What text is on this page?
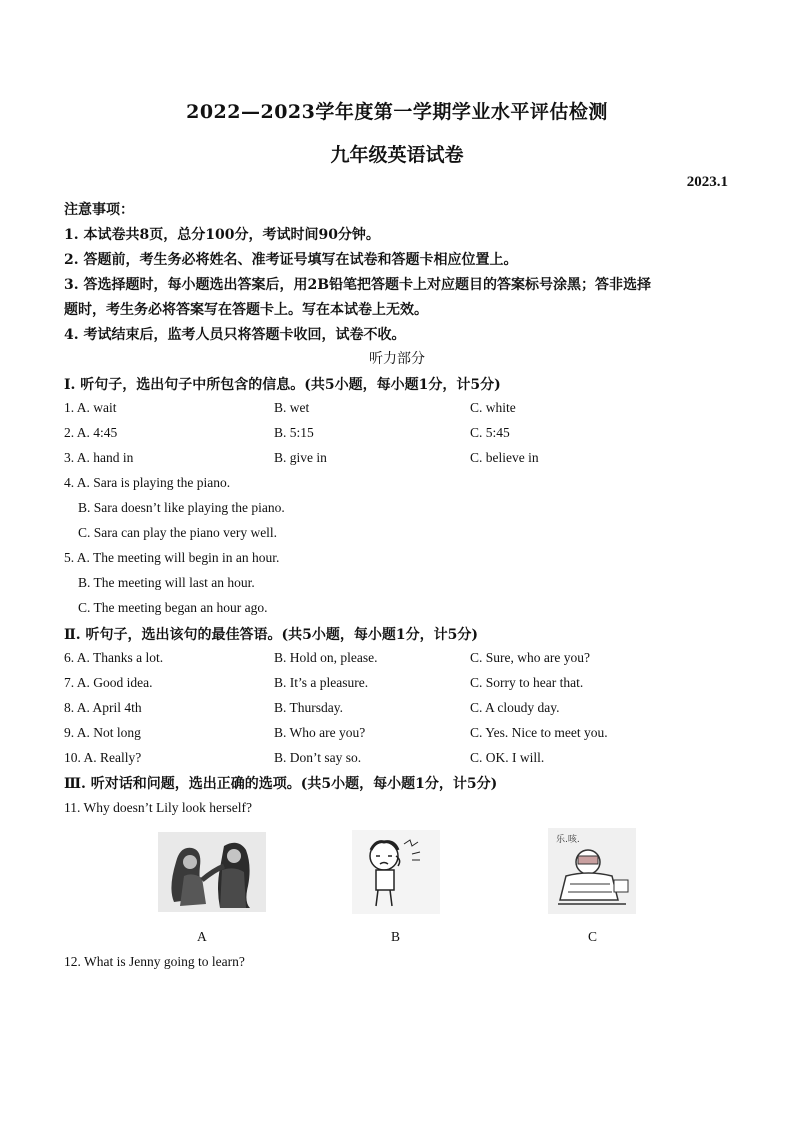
2022—2023学年度第一学期学业水平评估检测
九年级英语试卷
2023.1
注意事项：
1. 本试卷共8页，总分100分，考试时间90分钟。
2. 答题前，考生务必将姓名、准考证号填写在试卷和答题卡相应位置上。
3. 答选择题时，每小题选出答案后，用2B铅笔把答题卡上对应题目的答案标号涂黑；答非选择
题时，考生务必将答案写在答题卡上。写在本试卷上无效。
4. 考试结束后，监考人员只将答题卡收回，试卷不收。
听力部分
Ⅰ. 听句子，选出句子中所包含的信息。(共5小题，每小题1分，计5分)
1. A. wait	B. wet	C. white
2. A. 4:45	B. 5:15	C. 5:45
3. A. hand in	B. give in	C. believe in
4. A. Sara is playing the piano.
B. Sara doesn’t like playing the piano.
C. Sara can play the piano very well.
5. A. The meeting will begin in an hour.
B. The meeting will last an hour.
C. The meeting began an hour ago.
Ⅱ. 听句子，选出该句的最佳答语。(共5小题，每小题1分，计5分)
6. A. Thanks a lot.	B. Hold on, please.	C. Sure, who are you?
7. A. Good idea.	B. It’s a pleasure.	C. Sorry to hear that.
8. A. April 4th	B. Thursday.	C. A cloudy day.
9. A. Not long	B. Who are you?	C. Yes. Nice to meet you.
10. A. Really?	B. Don’t say so.	C. OK. I will.
Ⅲ. 听对话和问题，选出正确的选项。(共5小题，每小题1分，计5分)
11. Why doesn’t Lily look herself?
乐.咳.
A	B	C
12. What is Jenny going to learn?
